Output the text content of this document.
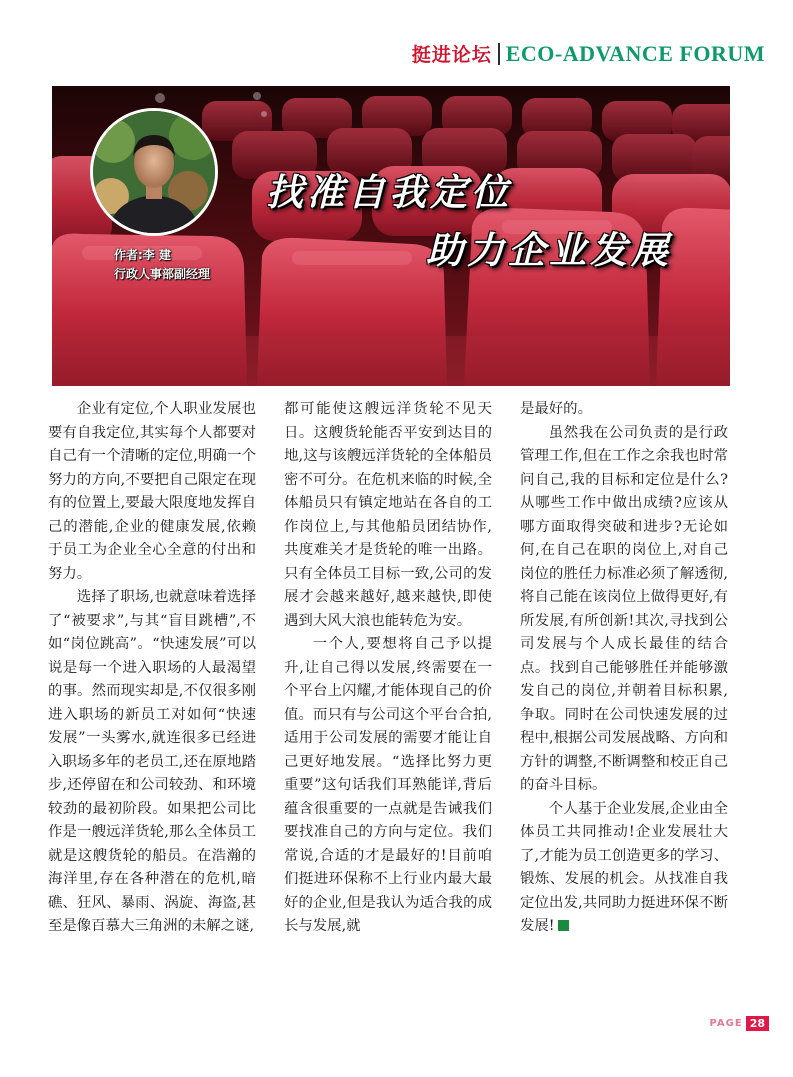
挺进论坛 ECO-ADVANCE FORUM
作者:李 建
行政人事部副经理
找准自我定位
助力企业发展

企业有定位,个人职业发展也要有自我定位,其实每个人都要对自己有一个清晰的定位,明确一个努力的方向,不要把自己限定在现有的位置上,要最大限度地发挥自己的潜能,企业的健康发展,依赖于员工为企业全心全意的付出和努力。

选择了职场,也就意味着选择了“被要求”,与其“盲目跳槽”,不如“岗位跳高”。“快速发展”可以说是每一个进入职场的人最渴望的事。然而现实却是,不仅很多刚进入职场的新员工对如何“快速发展”一头雾水,就连很多已经进入职场多年的老员工,还在原地踏步,还停留在和公司较劲、和环境较劲的最初阶段。如果把公司比作是一艘远洋货轮,那么全体员工就是这艘货轮的船员。在浩瀚的海洋里,存在各种潜在的危机,暗礁、狂风、暴雨、涡旋、海盗,甚至是像百慕大三角洲的未解之谜,

都可能使这艘远洋货轮不见天日。这艘货轮能否平安到达目的地,这与该艘远洋货轮的全体船员密不可分。在危机来临的时候,全体船员只有镇定地站在各自的工作岗位上,与其他船员团结协作,共度难关才是货轮的唯一出路。只有全体员工目标一致,公司的发展才会越来越好,越来越快,即使遇到大风大浪也能转危为安。

一个人,要想将自己予以提升,让自己得以发展,终需要在一个平台上闪耀,才能体现自己的价值。而只有与公司这个平台合拍,适用于公司发展的需要才能让自己更好地发展。“选择比努力更重要”这句话我们耳熟能详,背后蕴含很重要的一点就是告诫我们要找准自己的方向与定位。我们常说,合适的才是最好的!目前咱们挺进环保称不上行业内最大最好的企业,但是我认为适合我的成长与发展,就

是最好的。

虽然我在公司负责的是行政管理工作,但在工作之余我也时常问自己,我的目标和定位是什么?从哪些工作中做出成绩?应该从哪方面取得突破和进步?无论如何,在自己在职的岗位上,对自己岗位的胜任力标准必须了解透彻,将自己能在该岗位上做得更好,有所发展,有所创新!其次,寻找到公司发展与个人成长最佳的结合点。找到自己能够胜任并能够激发自己的岗位,并朝着目标积累,争取。同时在公司快速发展的过程中,根据公司发展战略、方向和方针的调整,不断调整和校正自己的奋斗目标。

个人基于企业发展,企业由全体员工共同推动!企业发展壮大了,才能为员工创造更多的学习、锻炼、发展的机会。从找准自我定位出发,共同助力挺进环保不断发展!

PAGE 28
